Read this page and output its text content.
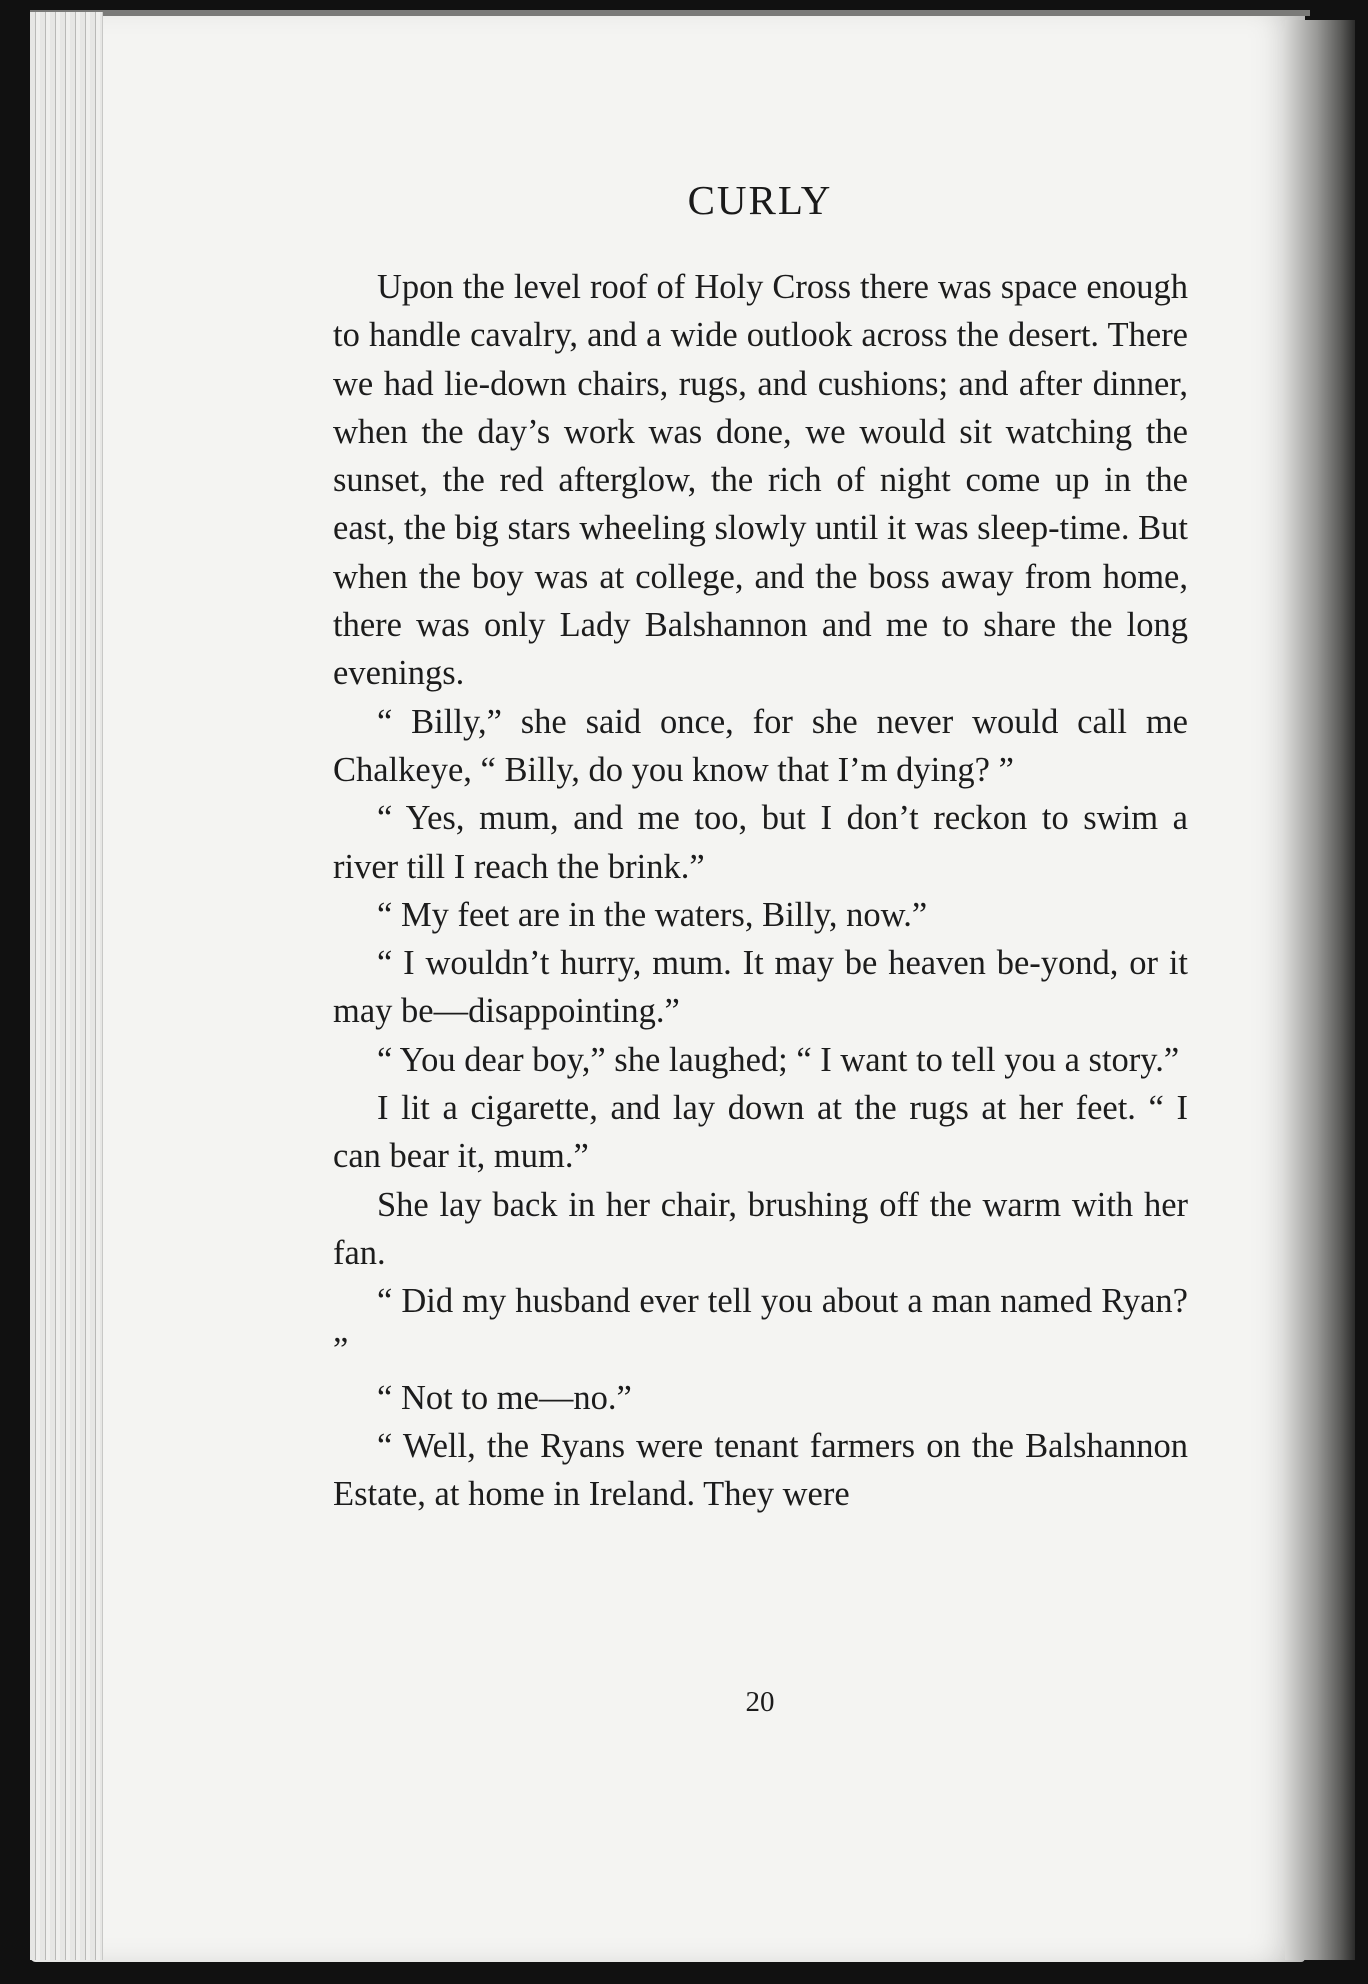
CURLY

Upon the level roof of Holy Cross there was space enough to handle cavalry, and a wide outlook across the desert. There we had lie-down chairs, rugs, and cushions; and after dinner, when the day’s work was done, we would sit watching the sunset, the red afterglow, the rich of night come up in the east, the big stars wheeling slowly until it was sleep-time. But when the boy was at college, and the boss away from home, there was only Lady Balshannon and me to share the long evenings.

“ Billy,” she said once, for she never would call me Chalkeye, “ Billy, do you know that I’m dying? ”

“ Yes, mum, and me too, but I don’t reckon to swim a river till I reach the brink.”

“ My feet are in the waters, Billy, now.”

“ I wouldn’t hurry, mum. It may be heaven be-yond, or it may be—disappointing.”

“ You dear boy,” she laughed; “ I want to tell you a story.”

I lit a cigarette, and lay down at the rugs at her feet. “ I can bear it, mum.”

She lay back in her chair, brushing off the warm with her fan.

“ Did my husband ever tell you about a man named Ryan? ”

“ Not to me—no.”

“ Well, the Ryans were tenant farmers on the Balshannon Estate, at home in Ireland. They were

20
